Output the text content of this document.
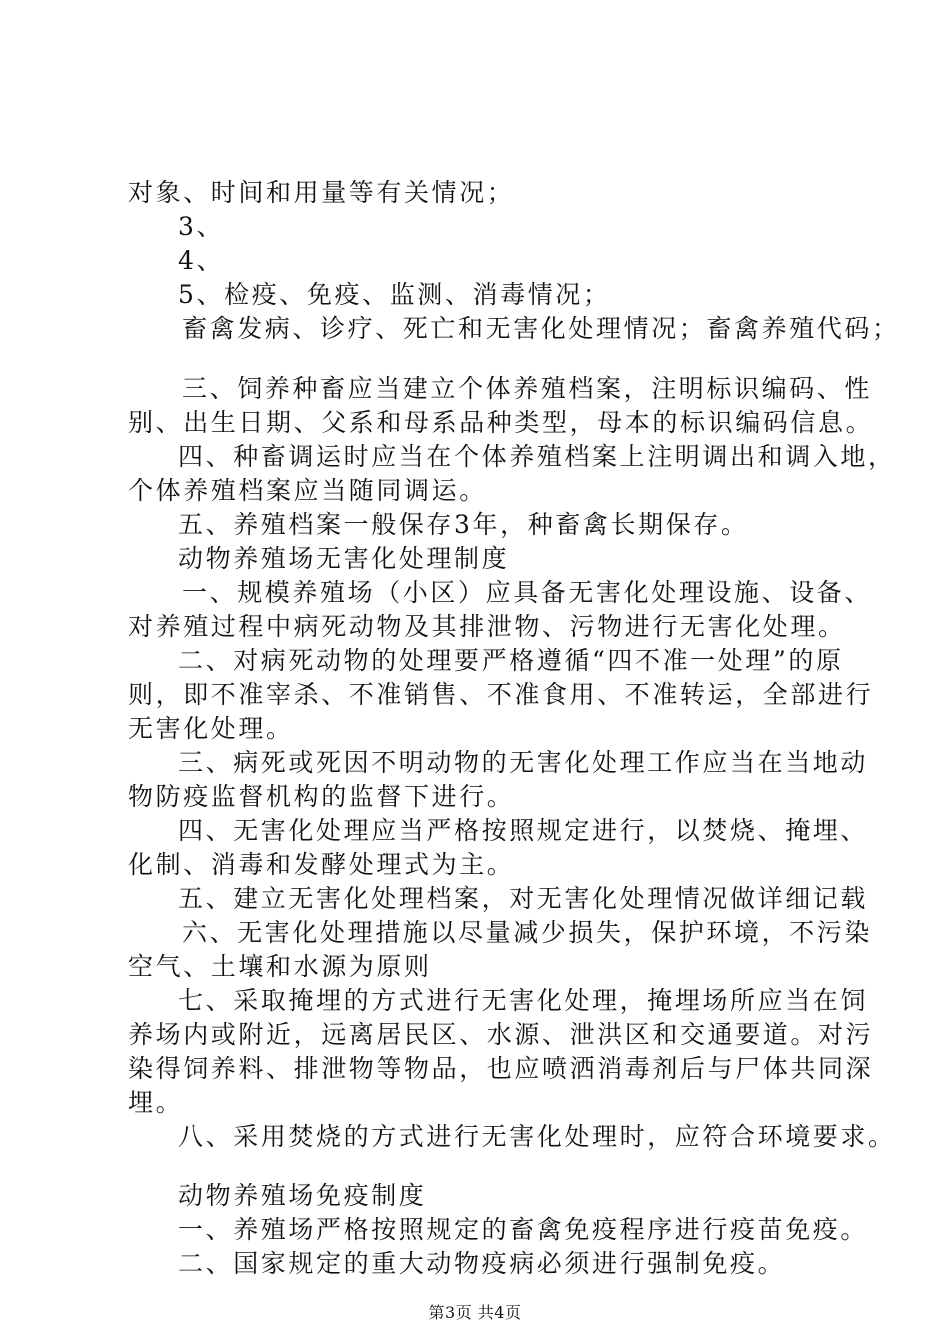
对象、时间和用量等有关情况；
3、
4、
5、检疫、免疫、监测、消毒情况；
畜禽发病、诊疗、死亡和无害化处理情况；畜禽养殖代码；
三、饲养种畜应当建立个体养殖档案，注明标识编码、性
别、出生日期、父系和母系品种类型，母本的标识编码信息。
四、种畜调运时应当在个体养殖档案上注明调出和调入地，
个体养殖档案应当随同调运。
五、养殖档案一般保存3年，种畜禽长期保存。
动物养殖场无害化处理制度
一、规模养殖场（小区）应具备无害化处理设施、设备、
对养殖过程中病死动物及其排泄物、污物进行无害化处理。
二、对病死动物的处理要严格遵循“四不准一处理”的原
则，即不准宰杀、不准销售、不准食用、不准转运，全部进行
无害化处理。
三、病死或死因不明动物的无害化处理工作应当在当地动
物防疫监督机构的监督下进行。
四、无害化处理应当严格按照规定进行，以焚烧、掩埋、
化制、消毒和发酵处理式为主。
五、建立无害化处理档案，对无害化处理情况做详细记载
六、无害化处理措施以尽量减少损失，保护环境，不污染
空气、土壤和水源为原则
七、采取掩埋的方式进行无害化处理，掩埋场所应当在饲
养场内或附近，远离居民区、水源、泄洪区和交通要道。对污
染得饲养料、排泄物等物品，也应喷洒消毒剂后与尸体共同深
埋。
八、采用焚烧的方式进行无害化处理时，应符合环境要求。
动物养殖场免疫制度
一、养殖场严格按照规定的畜禽免疫程序进行疫苗免疫。
二、国家规定的重大动物疫病必须进行强制免疫。
第3页 共4页
